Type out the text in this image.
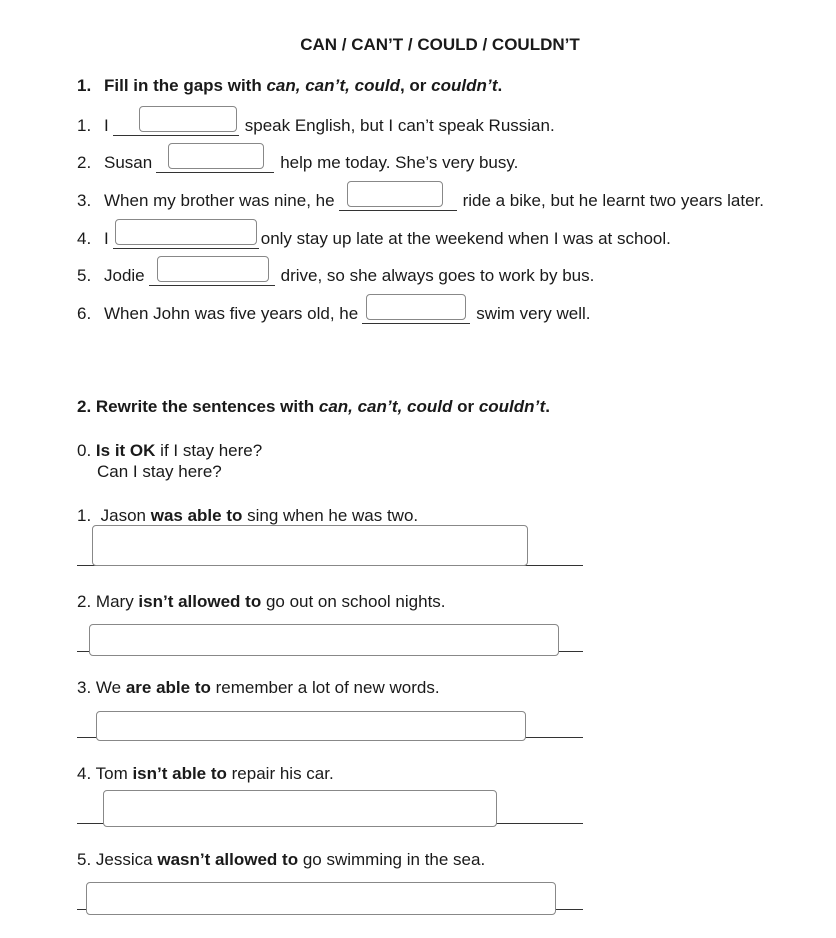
CAN / CAN’T / COULD / COULDN’T
1. Fill in the gaps with can, can’t, could, or couldn’t.
1. I	speak English, but I can’t speak Russian.
2. Susan	help me today. She’s very busy.
3. When my brother was nine, he	ride a bike, but he learnt two years later.
4. I	only stay up late at the weekend when I was at school.
5. Jodie	drive, so she always goes to work by bus.
6. When John was five years old, he	swim very well.
2. Rewrite the sentences with can, can’t, could or couldn’t.
0. Is it OK if I stay here?
Can I stay here?
1. Jason was able to sing when he was two.
2. Mary isn’t allowed to go out on school nights.
3. We are able to remember a lot of new words.
4. Tom isn’t able to repair his car.
5. Jessica wasn’t allowed to go swimming in the sea.
